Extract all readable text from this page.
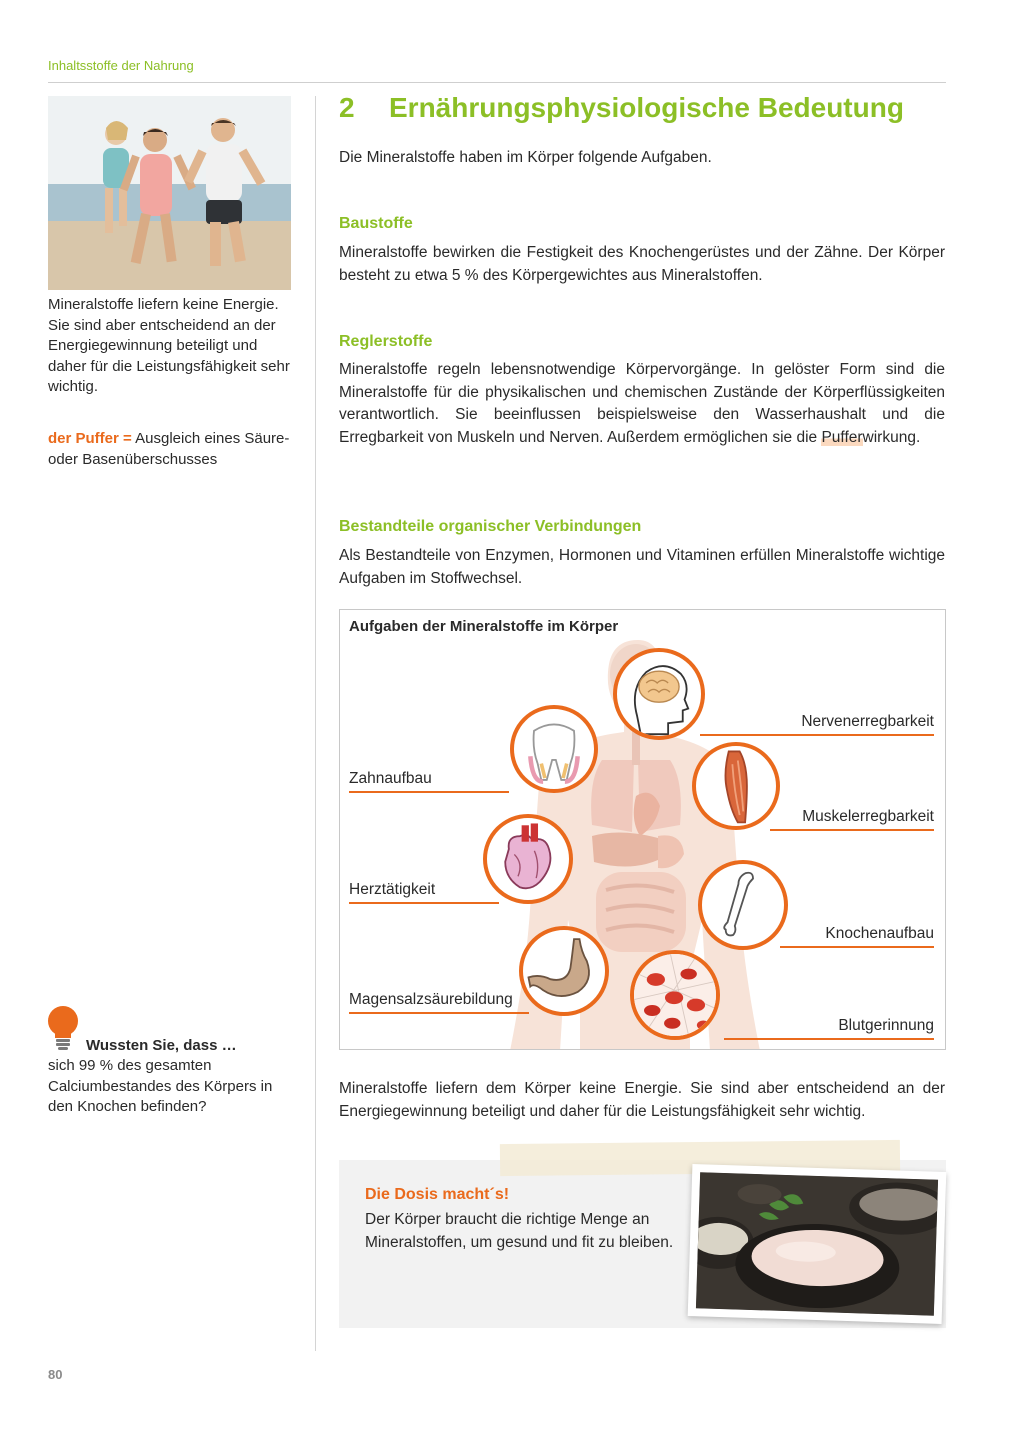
Inhaltsstoffe der Nahrung
Mineralstoffe liefern keine Energie. Sie sind aber entscheidend an der Energiegewinnung beteiligt und daher für die Leistungsfähigkeit sehr wichtig.
der Puffer = Ausgleich eines Säure- oder Basenüberschusses
Wussten Sie, dass …
sich 99 % des gesamten Calciumbestandes des Körpers in den Knochen befinden?
80
2 Ernährungsphysiologische Bedeutung
Die Mineralstoffe haben im Körper folgende Aufgaben.
Baustoffe
Mineralstoffe bewirken die Festigkeit des Knochengerüstes und der Zähne. Der Körper besteht zu etwa 5 % des Körpergewichtes aus Mineralstoffen.
Reglerstoffe
Mineralstoffe regeln lebensnotwendige Körpervorgänge. In gelöster Form sind die Mineralstoffe für die physikalischen und chemischen Zustände der Körperflüssigkeiten verantwortlich. Sie beeinflussen beispielsweise den Wasserhaushalt und die Erregbarkeit von Muskeln und Nerven. Außerdem ermöglichen sie die Pufferwirkung.
Bestandteile organischer Verbindungen
Als Bestandteile von Enzymen, Hormonen und Vitaminen erfüllen Mineralstoffe wichtige Aufgaben im Stoffwechsel.
Aufgaben der Mineralstoffe im Körper
Zahnaufbau
Herztätigkeit
Magensalzsäurebildung
Nervenerregbarkeit
Muskelerregbarkeit
Knochenaufbau
Blutgerinnung
Mineralstoffe liefern dem Körper keine Energie. Sie sind aber entscheidend an der Energiegewinnung beteiligt und daher für die Leistungsfähigkeit sehr wichtig.
Die Dosis macht´s!
Der Körper braucht die richtige Menge an Mineralstoffen, um gesund und fit zu bleiben.
